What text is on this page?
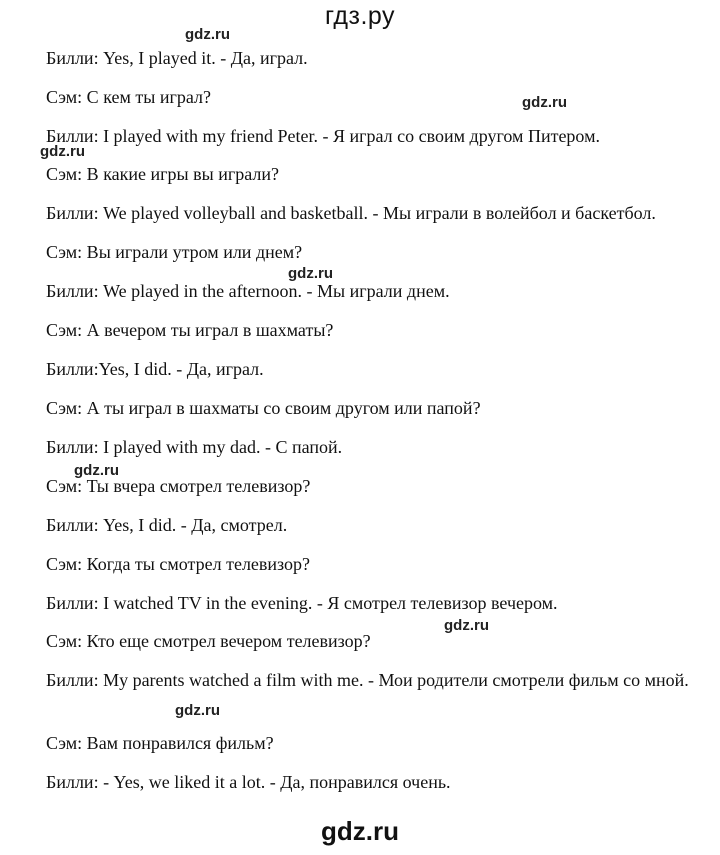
гдз.ру
gdz.ru
gdz.ru
gdz.ru
gdz.ru
gdz.ru
gdz.ru
gdz.ru
Билли: Yes, I played it. - Да, играл.
Сэм: С кем ты играл?
Билли: I played with my friend Peter. - Я играл со своим другом Питером.
Сэм: В какие игры вы играли?
Билли: We played volleyball and basketball. - Мы играли в волейбол и баскетбол.
Сэм: Вы играли утром или днем?
Билли: We played in the afternoon. - Мы играли днем.
Сэм: А вечером ты играл в шахматы?
Билли:Yes, I did. - Да, играл.
Сэм: А ты играл в шахматы со своим другом или папой?
Билли: I played with my dad. - С папой.
Сэм: Ты вчера смотрел телевизор?
Билли: Yes, I did. - Да, смотрел.
Сэм: Когда ты смотрел телевизор?
Билли: I watched TV in the evening. - Я смотрел телевизор вечером.
Сэм: Кто еще смотрел вечером телевизор?
Билли: My parents watched a film with me. - Мои родители смотрели фильм со мной.
Сэм: Вам понравился фильм?
Билли: - Yes, we liked it a lot. - Да, понравился очень.
gdz.ru
